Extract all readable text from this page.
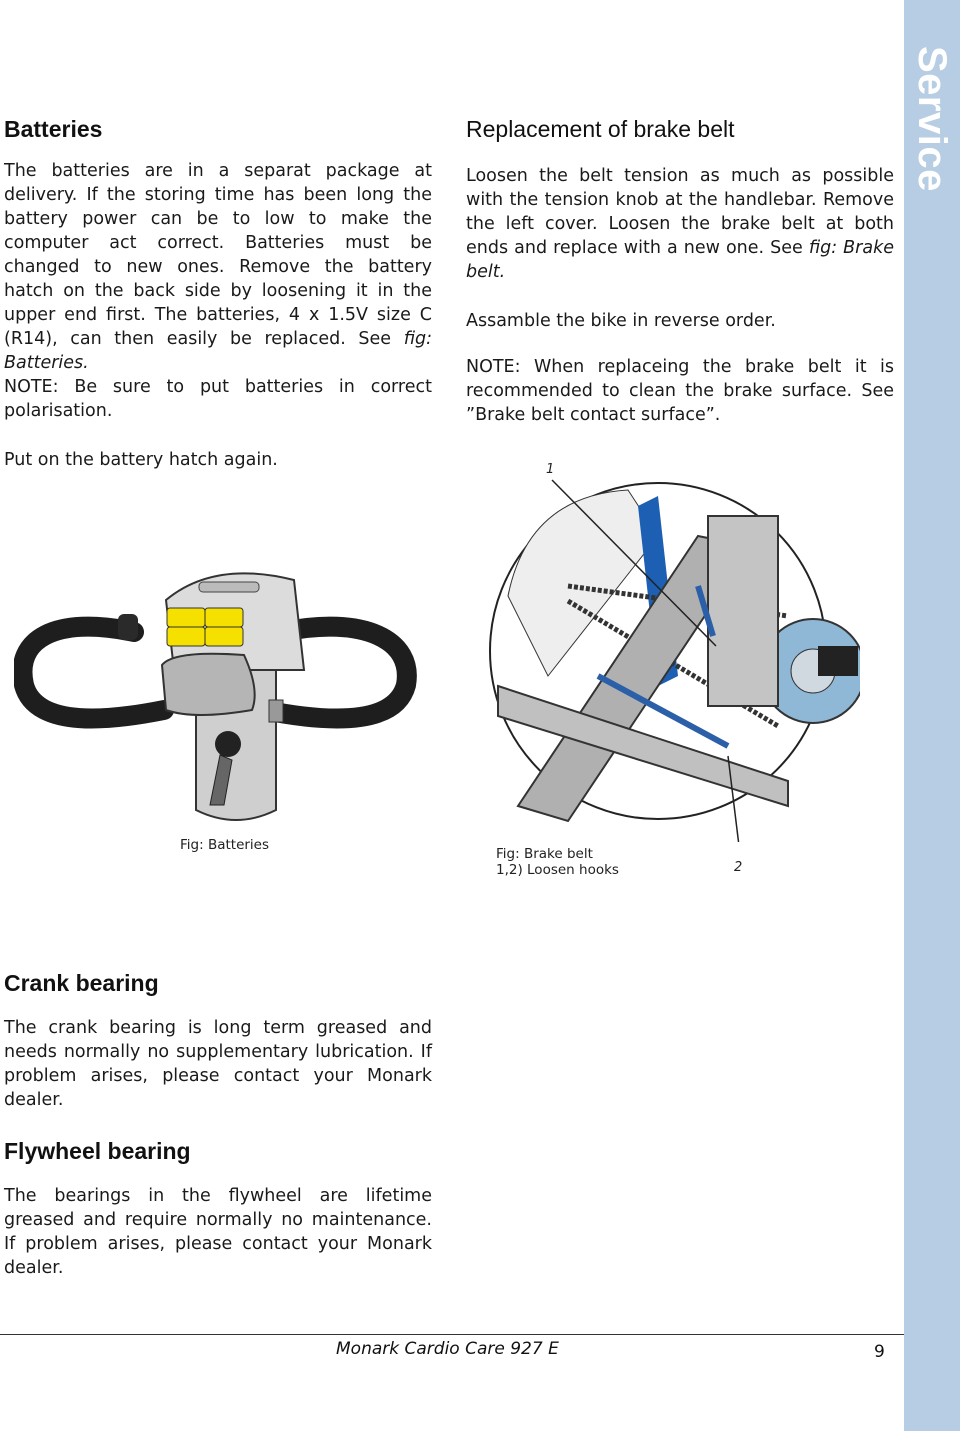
Service
Batteries

The batteries are in a separat package at delivery. If the storing time has been long the battery power can be to low to make the computer act correct. Batteries must be changed to new ones. Remove the battery hatch on the back side by loosening it in the upper end first. The batteries, 4 x 1.5V size C (R14), can then easily be replaced. See fig: Batteries.

NOTE: Be sure to put batteries in correct polarisation.

Put on the battery hatch again.

Replacement of brake belt

Loosen the belt tension as much as possible with the tension knob at the handlebar. Remove the left cover. Loosen the brake belt at both ends and replace with a new one. See fig: Brake belt.

Assamble the bike in reverse order.

NOTE: When replaceing the brake belt it is recommended to clean the brake surface. See ”Brake belt contact surface”.

Fig: Batteries

1
2

Fig: Brake belt
1,2) Loosen hooks

Crank bearing

The crank bearing is long term greased and needs normally no supplementary lubrication. If problem arises, please contact your Monark dealer.

Flywheel bearing

The bearings in the flywheel are lifetime greased and require normally no maintenance. If problem arises, please contact your Monark dealer.

Monark Cardio Care 927 E	9
